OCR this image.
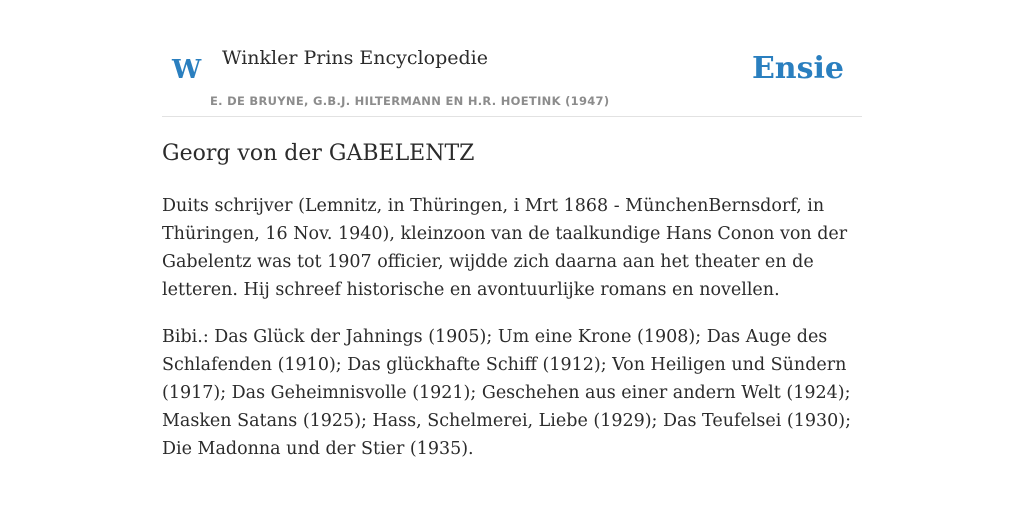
W Winkler Prins Encyclopedie
E. DE BRUYNE, G.B.J. HILTERMANN EN H.R. HOETINK (1947)
Ensie
Georg von der GABELENTZ

Duits schrijver (Lemnitz, in Thüringen, i Mrt 1868 - MünchenBernsdorf, in Thüringen, 16 Nov. 1940), kleinzoon van de taalkundige Hans Conon von der Gabelentz was tot 1907 officier, wijdde zich daarna aan het theater en de letteren. Hij schreef historische en avontuurlijke romans en novellen.

Bibi.: Das Glück der Jahnings (1905); Um eine Krone (1908); Das Auge des Schlafenden (1910); Das glückhafte Schiff (1912); Von Heiligen und Sündern (1917); Das Geheimnisvolle (1921); Geschehen aus einer andern Welt (1924); Masken Satans (1925); Hass, Schelmerei, Liebe (1929); Das Teufelsei (1930); Die Madonna und der Stier (1935).
